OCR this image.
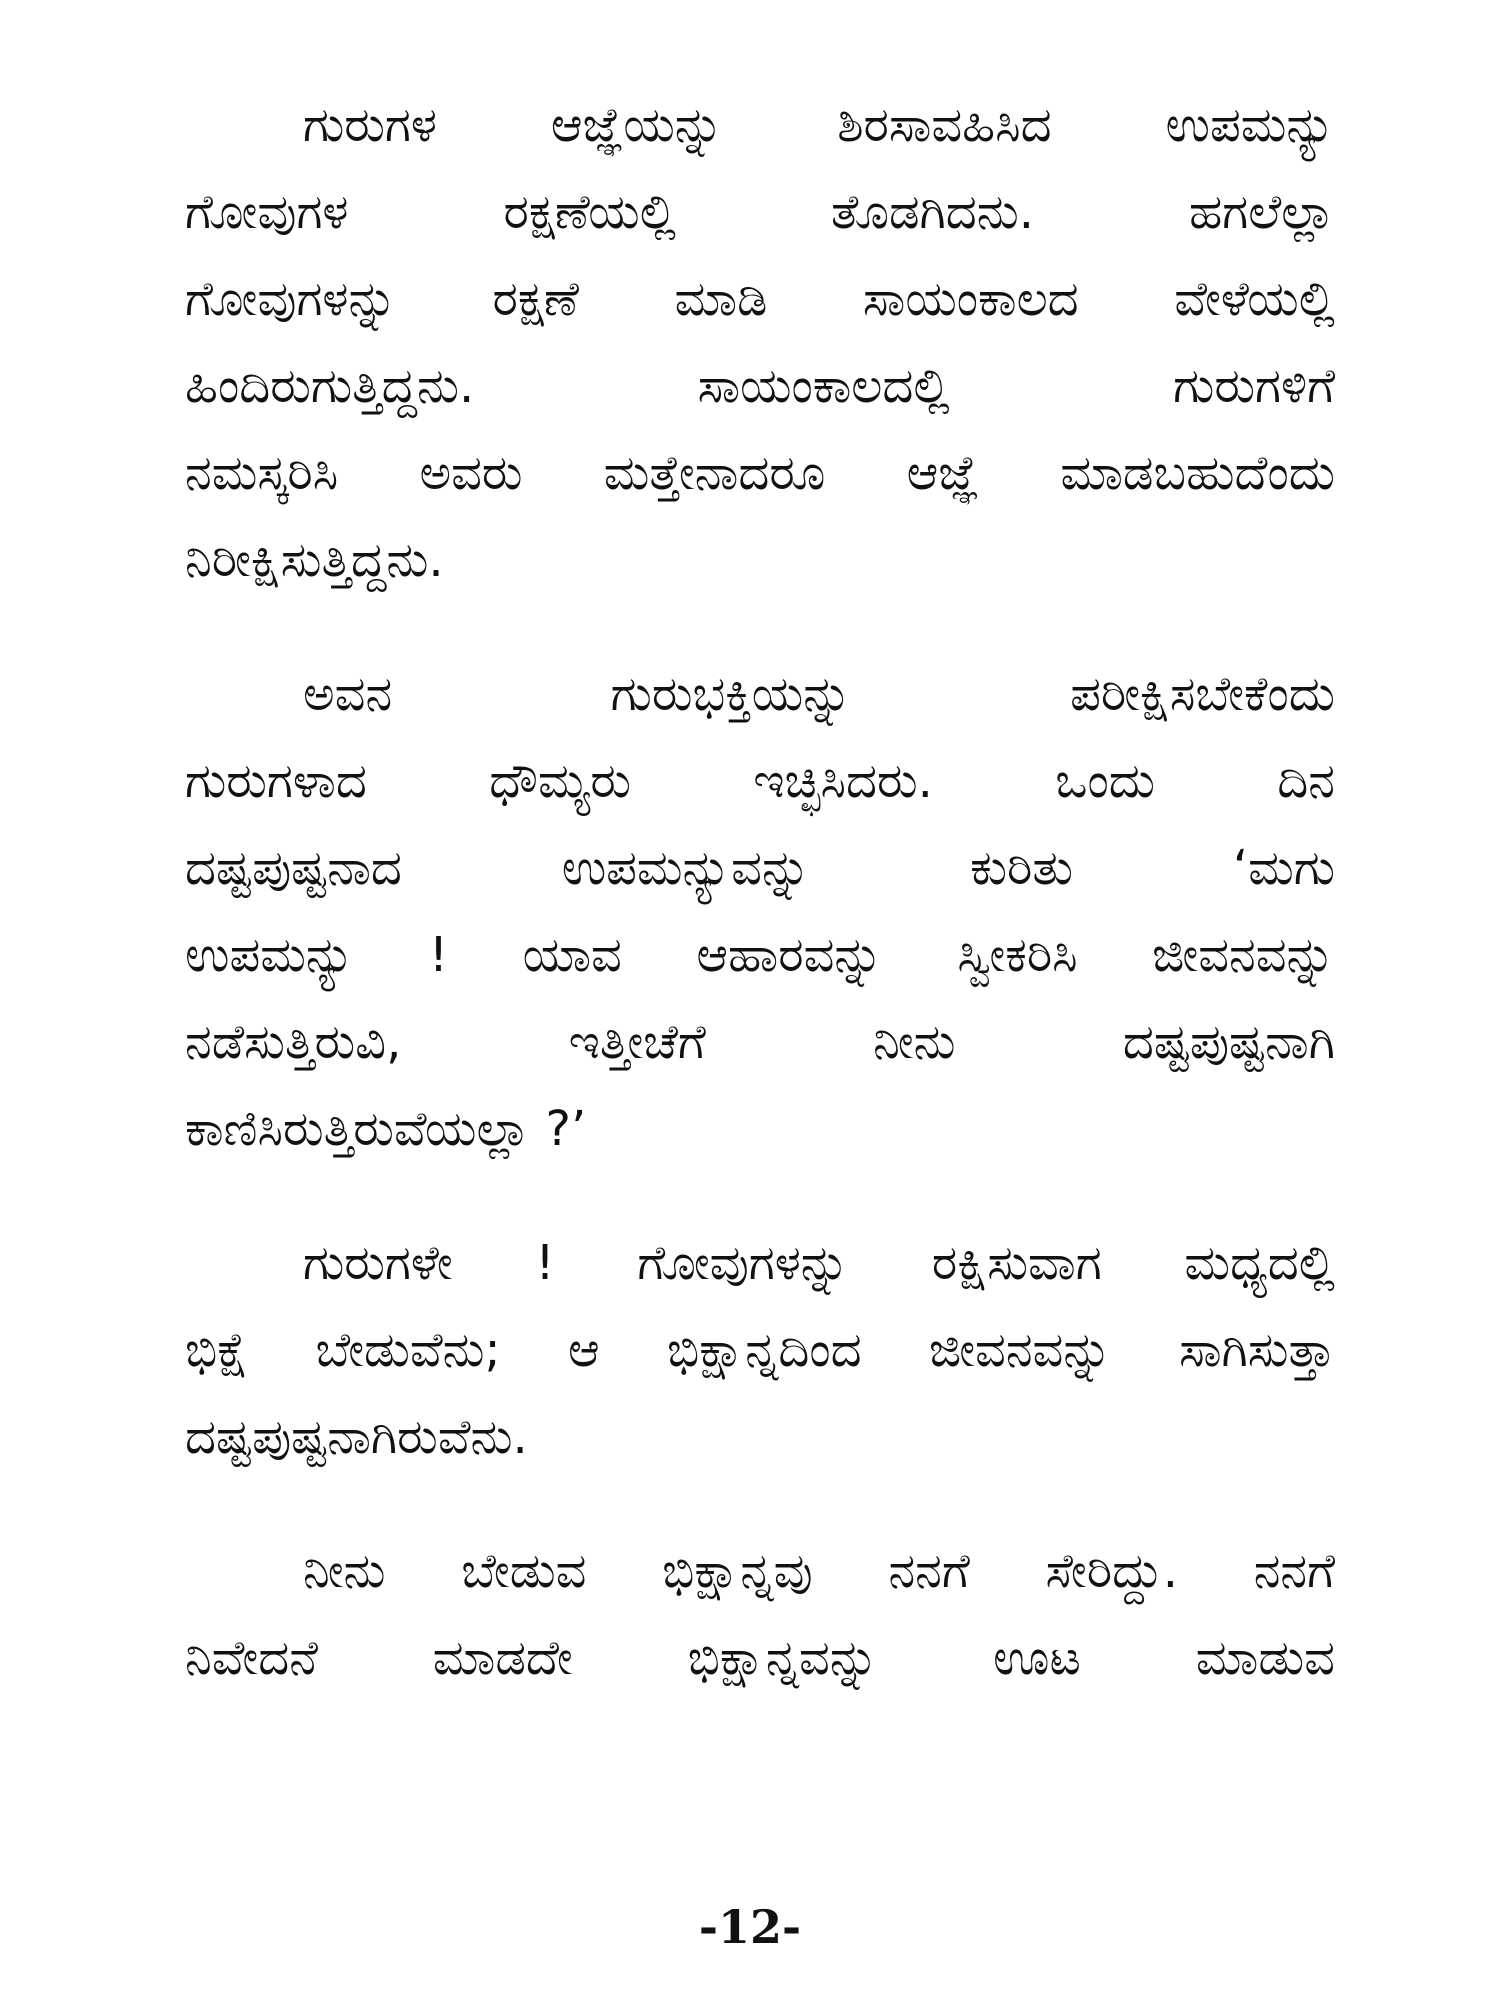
ಗುರುಗಳ ಆಜ್ಞೆಯನ್ನು ಶಿರಸಾವಹಿಸಿದ ಉಪಮನ್ಯು
ಗೋವುಗಳ ರಕ್ಷಣೆಯಲ್ಲಿ ತೊಡಗಿದನು. ಹಗಲೆಲ್ಲಾ
ಗೋವುಗಳನ್ನು ರಕ್ಷಣೆ ಮಾಡಿ ಸಾಯಂಕಾಲದ ವೇಳೆಯಲ್ಲಿ
ಹಿಂದಿರುಗುತ್ತಿದ್ದನು. ಸಾಯಂಕಾಲದಲ್ಲಿ ಗುರುಗಳಿಗೆ
ನಮಸ್ಕರಿಸಿ ಅವರು ಮತ್ತೇನಾದರೂ ಆಜ್ಞೆ ಮಾಡಬಹುದೆಂದು
ನಿರೀಕ್ಷಿಸುತ್ತಿದ್ದನು.
ಅವನ ಗುರುಭಕ್ತಿಯನ್ನು ಪರೀಕ್ಷಿಸಬೇಕೆಂದು
ಗುರುಗಳಾದ ಧೌಮ್ಯರು ಇಚ್ಛಿಸಿದರು. ಒಂದು ದಿನ
ದಷ್ಟಪುಷ್ಟನಾದ ಉಪಮನ್ಯುವನ್ನು ಕುರಿತು ‘ಮಗು
ಉಪಮನ್ಯು ! ಯಾವ ಆಹಾರವನ್ನು ಸ್ವೀಕರಿಸಿ ಜೀವನವನ್ನು
ನಡೆಸುತ್ತಿರುವಿ, ಇತ್ತೀಚೆಗೆ ನೀನು ದಷ್ಟಪುಷ್ಟನಾಗಿ
ಕಾಣಿಸಿರುತ್ತಿರುವೆಯಲ್ಲಾ ?’
ಗುರುಗಳೇ ! ಗೋವುಗಳನ್ನು ರಕ್ಷಿಸುವಾಗ ಮಧ್ಯದಲ್ಲಿ
ಭಿಕ್ಷೆ ಬೇಡುವೆನು; ಆ ಭಿಕ್ಷಾನ್ನದಿಂದ ಜೀವನವನ್ನು ಸಾಗಿಸುತ್ತಾ
ದಷ್ಟಪುಷ್ಟನಾಗಿರುವೆನು.
ನೀನು ಬೇಡುವ ಭಿಕ್ಷಾನ್ನವು ನನಗೆ ಸೇರಿದ್ದು. ನನಗೆ
ನಿವೇದನೆ ಮಾಡದೇ ಭಿಕ್ಷಾನ್ನವನ್ನು ಊಟ ಮಾಡುವ
-12-
